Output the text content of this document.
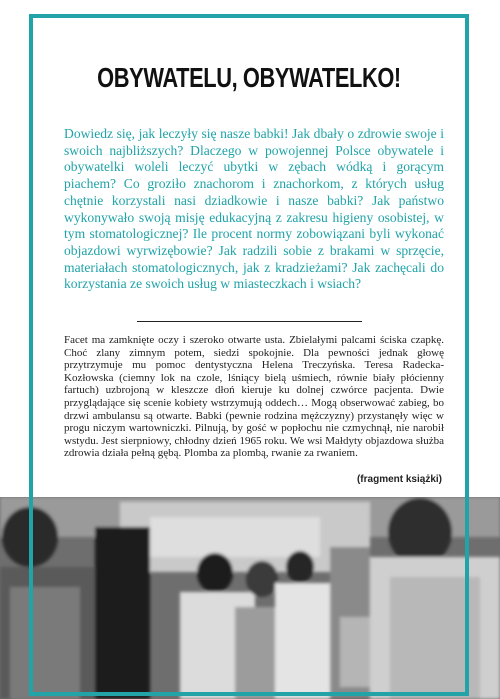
OBYWATELU, OBYWATELKO!

Dowiedz się, jak leczyły się nasze babki! Jak dbały o zdrowie swoje i swoich najbliższych? Dlaczego w powojennej Polsce obywatele i obywatelki woleli leczyć ubytki w zębach wódką i gorącym piachem? Co groziło znachorom i znachorkom, z których usług chętnie korzystali nasi dziadkowie i nasze babki? Jak państwo wykonywało swoją misję edukacyjną z zakresu higieny osobistej, w tym stomatologicznej? Ile procent normy zobowiązani byli wykonać objazdowi wyrwizębowie? Jak radzili sobie z brakami w sprzęcie, materiałach stomatologicznych, jak z kradzieżami? Jak zachęcali do korzystania ze swoich usług w miasteczkach i wsiach?

Facet ma zamknięte oczy i szeroko otwarte usta. Zbielałymi palcami ściska czapkę. Choć zlany zimnym potem, siedzi spokojnie. Dla pewności jednak głowę przytrzymuje mu pomoc dentystyczna Helena Treczyńska. Teresa Radecka-Kozłowska (ciemny lok na czole, lśniący bielą uśmiech, równie biały płócienny fartuch) uzbrojoną w kleszcze dłoń kieruje ku dolnej czwórce pacjenta. Dwie przyglądające się scenie kobiety wstrzymują oddech… Mogą obserwować zabieg, bo drzwi ambulansu są otwarte. Babki (pewnie rodzina mężczyzny) przystanęły więc w progu niczym wartowniczki. Pilnują, by gość w popłochu nie czmychnął, nie narobił wstydu. Jest sierpniowy, chłodny dzień 1965 roku. We wsi Małdyty objazdowa służba zdrowia działa pełną gębą. Plomba za plombą, rwanie za rwaniem.

(fragment książki)
